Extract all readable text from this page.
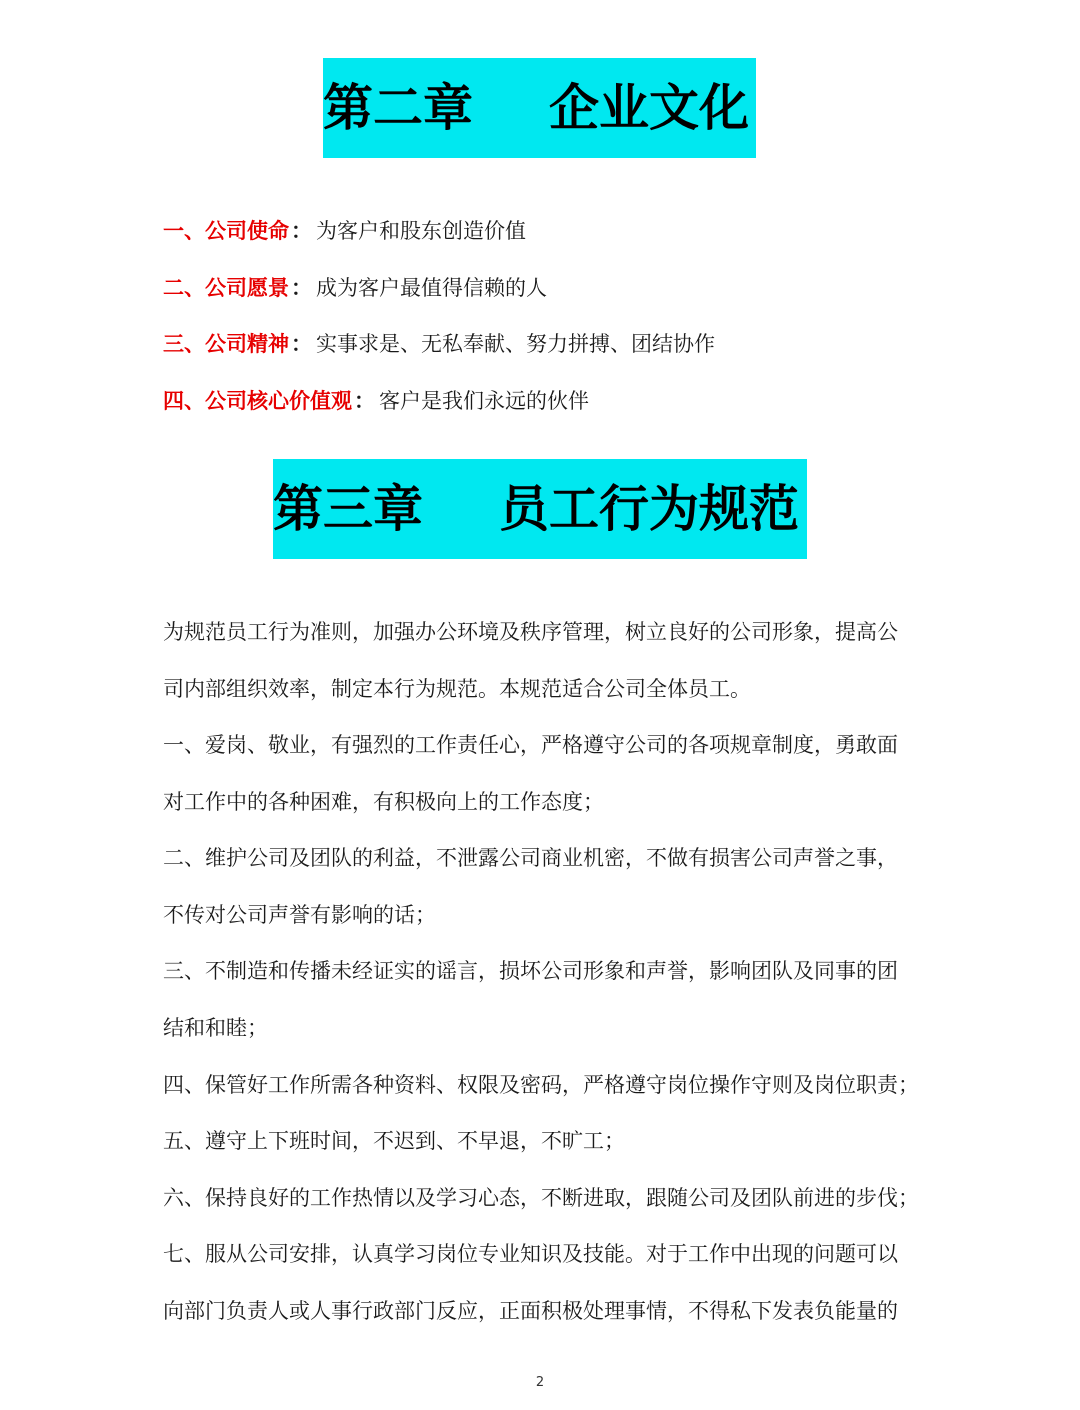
第二章 企业文化
一、公司使命： 为客户和股东创造价值
二、公司愿景： 成为客户最值得信赖的人
三、公司精神： 实事求是、无私奉献、努力拼搏、团结协作
四、公司核心价值观： 客户是我们永远的伙伴
第三章 员工行为规范
为规范员工行为准则，加强办公环境及秩序管理，树立良好的公司形象，提高公
司内部组织效率，制定本行为规范。本规范适合公司全体员工。
一、爱岗、敬业，有强烈的工作责任心，严格遵守公司的各项规章制度，勇敢面
对工作中的各种困难，有积极向上的工作态度；
二、维护公司及团队的利益，不泄露公司商业机密，不做有损害公司声誉之事，
不传对公司声誉有影响的话；
三、不制造和传播未经证实的谣言，损坏公司形象和声誉，影响团队及同事的团
结和和睦；
四、保管好工作所需各种资料、权限及密码，严格遵守岗位操作守则及岗位职责；
五、遵守上下班时间，不迟到、不早退，不旷工；
六、保持良好的工作热情以及学习心态，不断进取，跟随公司及团队前进的步伐；
七、服从公司安排，认真学习岗位专业知识及技能。对于工作中出现的问题可以
向部门负责人或人事行政部门反应，正面积极处理事情，不得私下发表负能量的
2
